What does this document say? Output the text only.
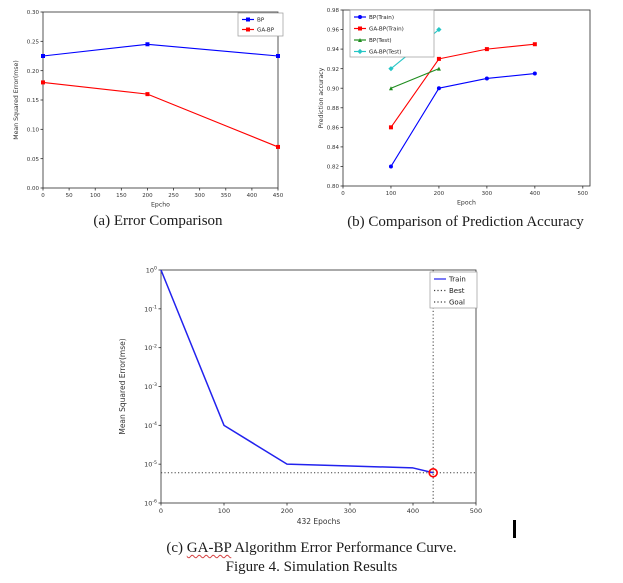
0	50	100	150	200	250	300	350	400	450
0.00
0.05
0.10
0.15
0.20
0.25
0.30
Epcho
Mean Squared Error(mse)
BP
GA-BP
0	100	200	300	400	500
0.80
0.82
0.84
0.86
0.88
0.90
0.92
0.94
0.96
0.98
Epoch
Prediction accuracy
BP(Train)
GA-BP(Train)
BP(Test)
GA-BP(Test)
(a) Error Comparison	(b) Comparison of Prediction Accuracy
0	100	200	300	400	500
$10^0$
$10^{-1}$
$10^{-2}$
$10^{-3}$
$10^{-4}$
$10^{-5}$
$10^{-6}$
432 Epochs
Mean Squared Error(mse)
Train
Best
Goal
(c) GA-BP Algorithm Error Performance Curve.
Figure 4. Simulation Results
